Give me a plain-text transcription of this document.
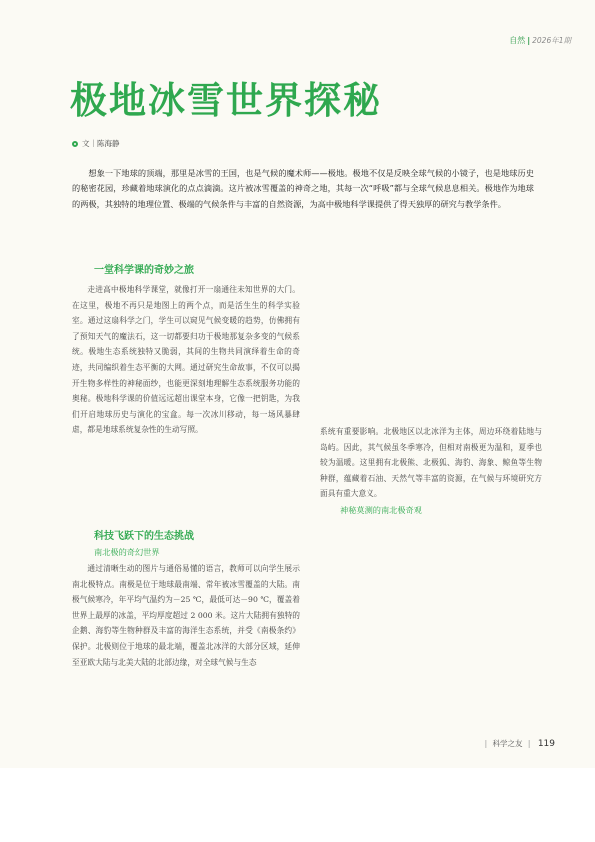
自然 | 2026年1期
极地冰雪世界探秘
文｜陈海静
想象一下地球的顶端，那里是冰雪的王国，也是气候的魔术师——极地。极地不仅是反映全球气候的小镜子，也是地球历史的秘密花园，珍藏着地球演化的点点滴滴。这片被冰雪覆盖的神奇之地，其每一次“呼吸”都与全球气候息息相关。极地作为地球的两极，其独特的地理位置、极端的气候条件与丰富的自然资源，为高中极地科学课提供了得天独厚的研究与教学条件。
一堂科学课的奇妙之旅

走进高中极地科学课堂，就像打开一扇通往未知世界的大门。在这里，极地不再只是地图上的两个点，而是活生生的科学实验室。通过这扇科学之门，学生可以窥见气候变暖的趋势，仿佛拥有了预知天气的魔法石，这一切都要归功于极地那复杂多变的气候系统。极地生态系统独特又脆弱，其间的生物共同演绎着生命的奇迹，共同编织着生态平衡的大网。通过研究生命故事，不仅可以揭开生物多样性的神秘面纱，也能更深刻地理解生态系统服务功能的奥秘。极地科学课的价值远远超出课堂本身，它像一把钥匙，为我们开启地球历史与演化的宝盒。每一次冰川移动，每一场风暴肆虐，都是地球系统复杂性的生动写照。

科技飞跃下的生态挑战
南北极的奇幻世界

通过清晰生动的图片与通俗易懂的语言，教师可以向学生展示南北极特点。南极是位于地球最南端、常年被冰雪覆盖的大陆。南极气候寒冷，年平均气温约为－25 ℃，最低可达－90 ℃，覆盖着世界上最厚的冰盖，平均厚度超过 2 000 米。这片大陆拥有独特的企鹅、海豹等生物种群及丰富的海洋生态系统，并受《南极条约》保护。北极则位于地球的最北端，覆盖北冰洋的大部分区域，延伸至亚欧大陆与北美大陆的北部边缘，对全球气候与生态

系统有重要影响。北极地区以北冰洋为主体，周边环绕着陆地与岛屿。因此，其气候虽冬季寒冷，但相对南极更为温和，夏季也较为温暖。这里拥有北极熊、北极狐、海豹、海象、鲸鱼等生物种群，蕴藏着石油、天然气等丰富的资源，在气候与环境研究方面具有重大意义。

神秘莫测的南北极奇观
| 科学之友 | 119
